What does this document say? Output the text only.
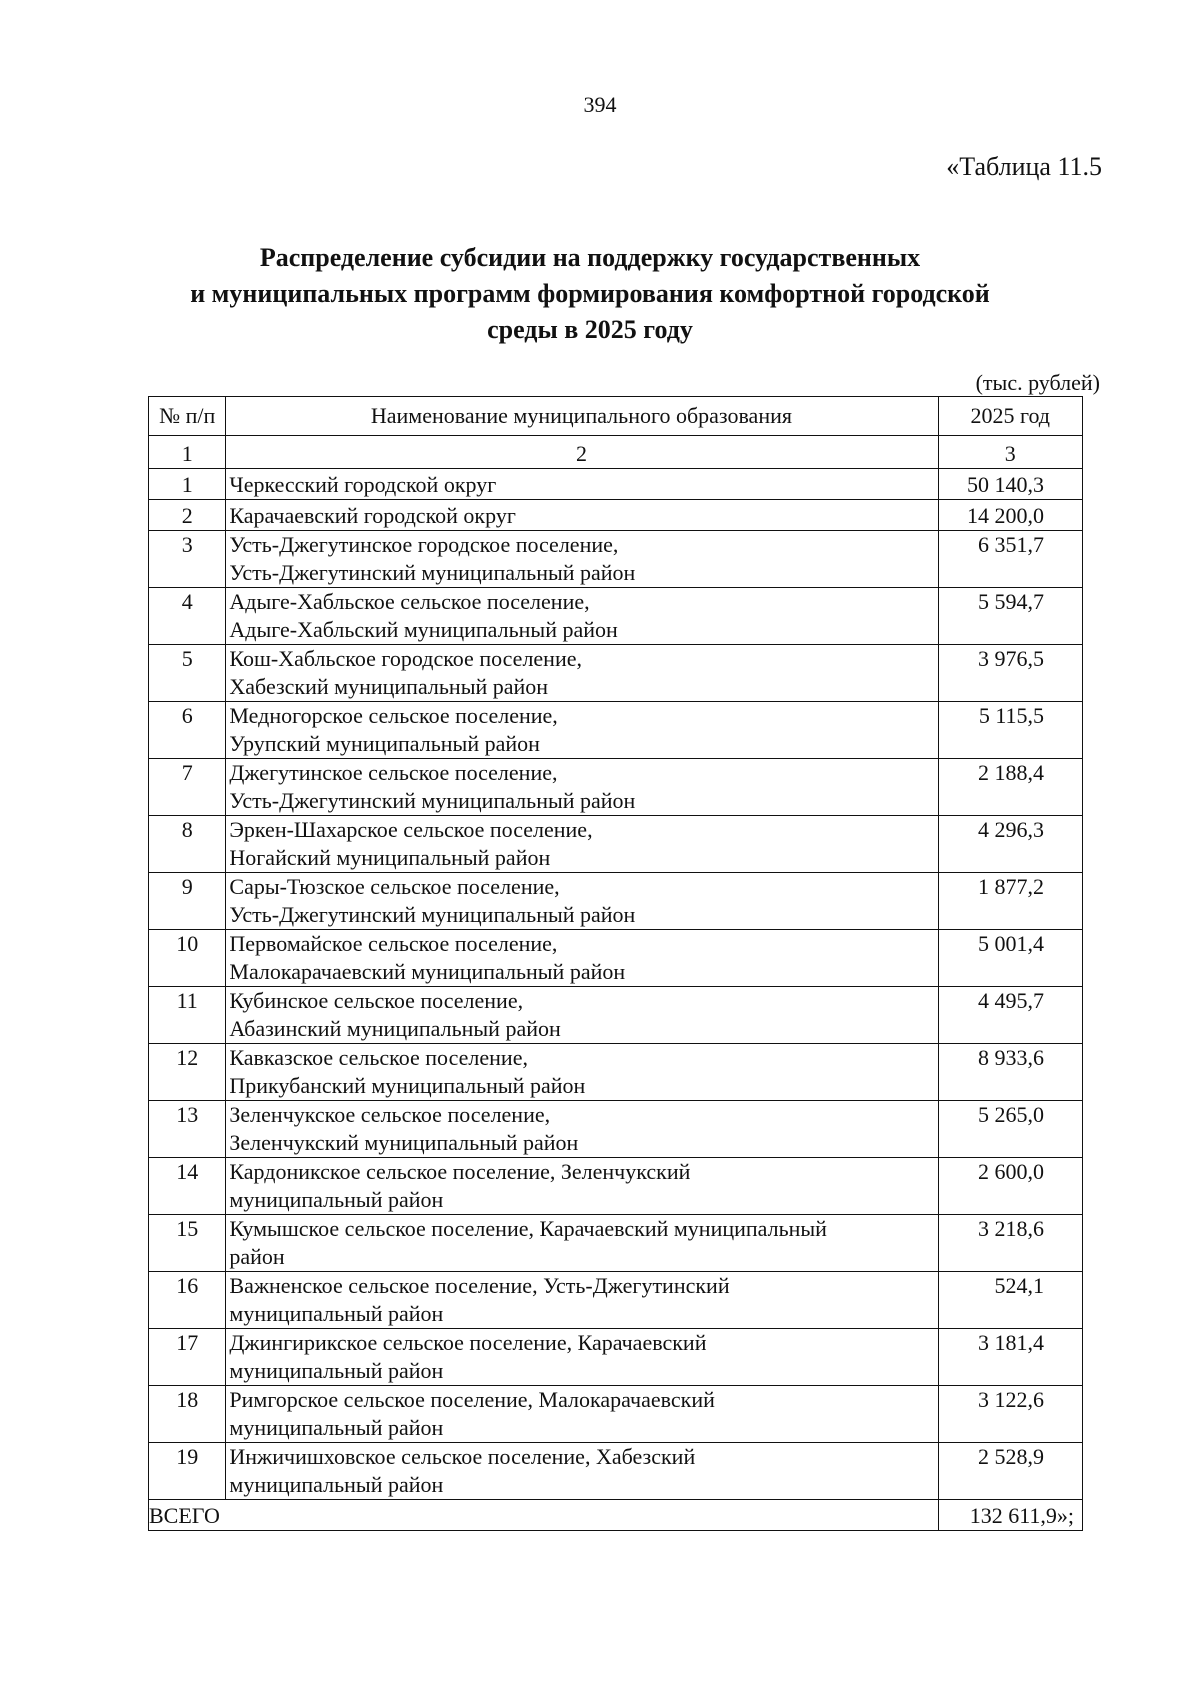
394
«Таблица 11.5
Распределение субсидии на поддержку государственных
и муниципальных программ формирования комфортной городской
среды в 2025 году
(тыс. рублей)
№ п/п	Наименование муниципального образования	2025 год
1	2	3
1	Черкесский городской округ	50 140,3
2	Карачаевский городской округ	14 200,0
3	Усть-Джегутинское городское поселение,
Усть-Джегутинский муниципальный район	6 351,7
4	Адыге-Хабльское сельское поселение,
Адыге-Хабльский муниципальный район	5 594,7
5	Кош-Хабльское городское поселение,
Хабезский муниципальный район	3 976,5
6	Медногорское сельское поселение,
Урупский муниципальный район	5 115,5
7	Джегутинское сельское поселение,
Усть-Джегутинский муниципальный район	2 188,4
8	Эркен-Шахарское сельское поселение,
Ногайский муниципальный район	4 296,3
9	Сары-Тюзское сельское поселение,
Усть-Джегутинский муниципальный район	1 877,2
10	Первомайское сельское поселение,
Малокарачаевский муниципальный район	5 001,4
11	Кубинское сельское поселение,
Абазинский муниципальный район	4 495,7
12	Кавказское сельское поселение,
Прикубанский муниципальный район	8 933,6
13	Зеленчукское сельское поселение,
Зеленчукский муниципальный район	5 265,0
14	Кардоникское сельское поселение, Зеленчукский
муниципальный район	2 600,0
15	Кумышское сельское поселение, Карачаевский муниципальный
район	3 218,6
16	Важненское сельское поселение, Усть-Джегутинский
муниципальный район	524,1
17	Джингирикское сельское поселение, Карачаевский
муниципальный район	3 181,4
18	Римгорское сельское поселение, Малокарачаевский
муниципальный район	3 122,6
19	Инжичишховское сельское поселение, Хабезский
муниципальный район	2 528,9
ВСЕГО		132 611,9»;
